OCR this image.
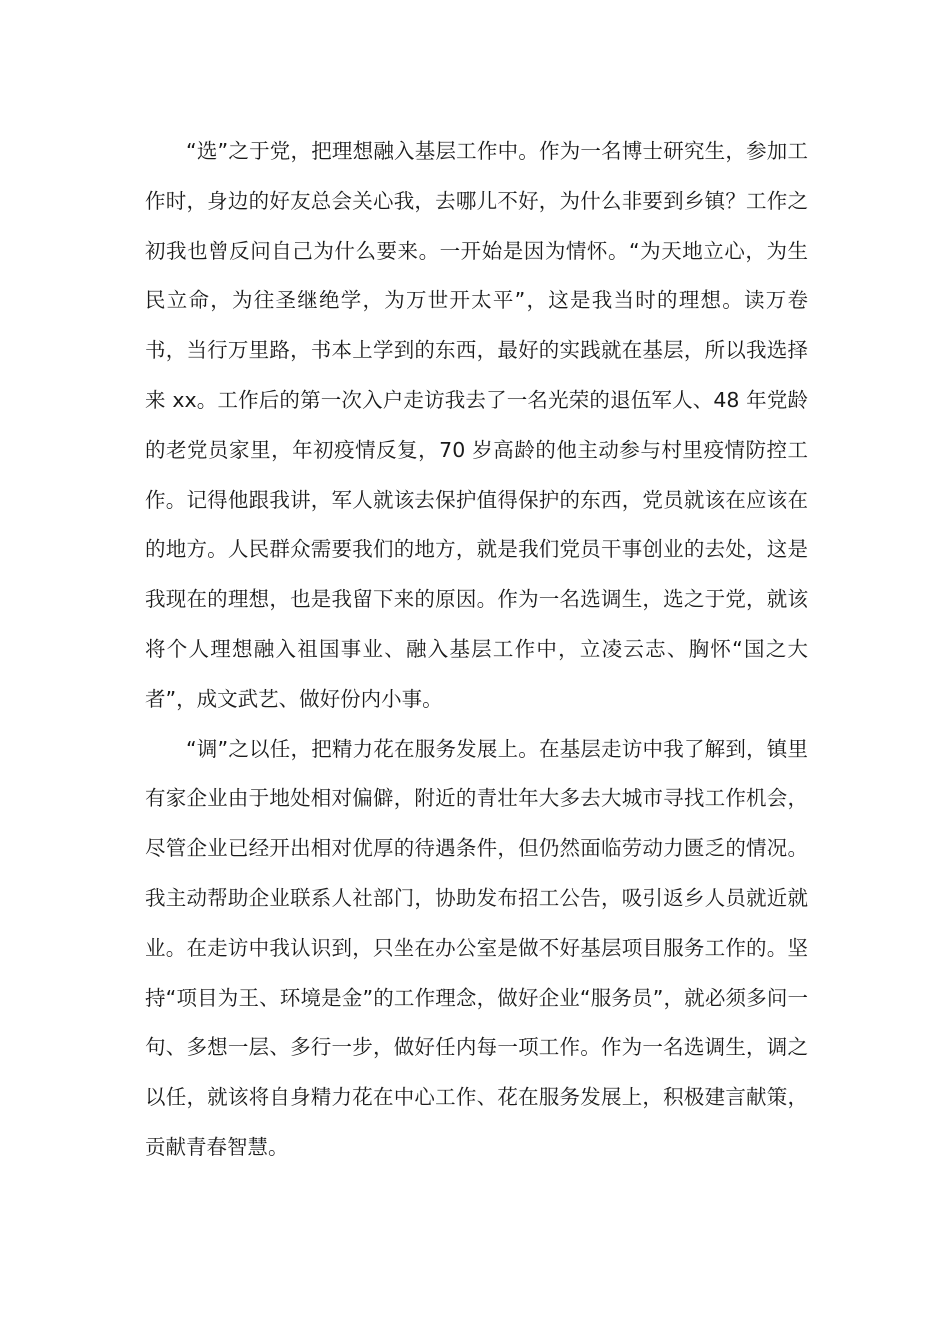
“选”之于党，把理想融入基层工作中。作为一名博士研究生，参加工作时，身边的好友总会关心我，去哪儿不好，为什么非要到乡镇？工作之初我也曾反问自己为什么要来。一开始是因为情怀。“为天地立心，为生民立命，为往圣继绝学，为万世开太平”，这是我当时的理想。读万卷书，当行万里路，书本上学到的东西，最好的实践就在基层，所以我选择来 xx。工作后的第一次入户走访我去了一名光荣的退伍军人、48 年党龄的老党员家里，年初疫情反复，70 岁高龄的他主动参与村里疫情防控工作。记得他跟我讲，军人就该去保护值得保护的东西，党员就该在应该在的地方。人民群众需要我们的地方，就是我们党员干事创业的去处，这是我现在的理想，也是我留下来的原因。作为一名选调生，选之于党，就该将个人理想融入祖国事业、融入基层工作中，立凌云志、胸怀“国之大者”，成文武艺、做好份内小事。

“调”之以任，把精力花在服务发展上。在基层走访中我了解到，镇里有家企业由于地处相对偏僻，附近的青壮年大多去大城市寻找工作机会，尽管企业已经开出相对优厚的待遇条件，但仍然面临劳动力匮乏的情况。我主动帮助企业联系人社部门，协助发布招工公告，吸引返乡人员就近就业。在走访中我认识到，只坐在办公室是做不好基层项目服务工作的。坚持“项目为王、环境是金”的工作理念，做好企业“服务员”，就必须多问一句、多想一层、多行一步，做好任内每一项工作。作为一名选调生，调之以任，就该将自身精力花在中心工作、花在服务发展上，积极建言献策，贡献青春智慧。
